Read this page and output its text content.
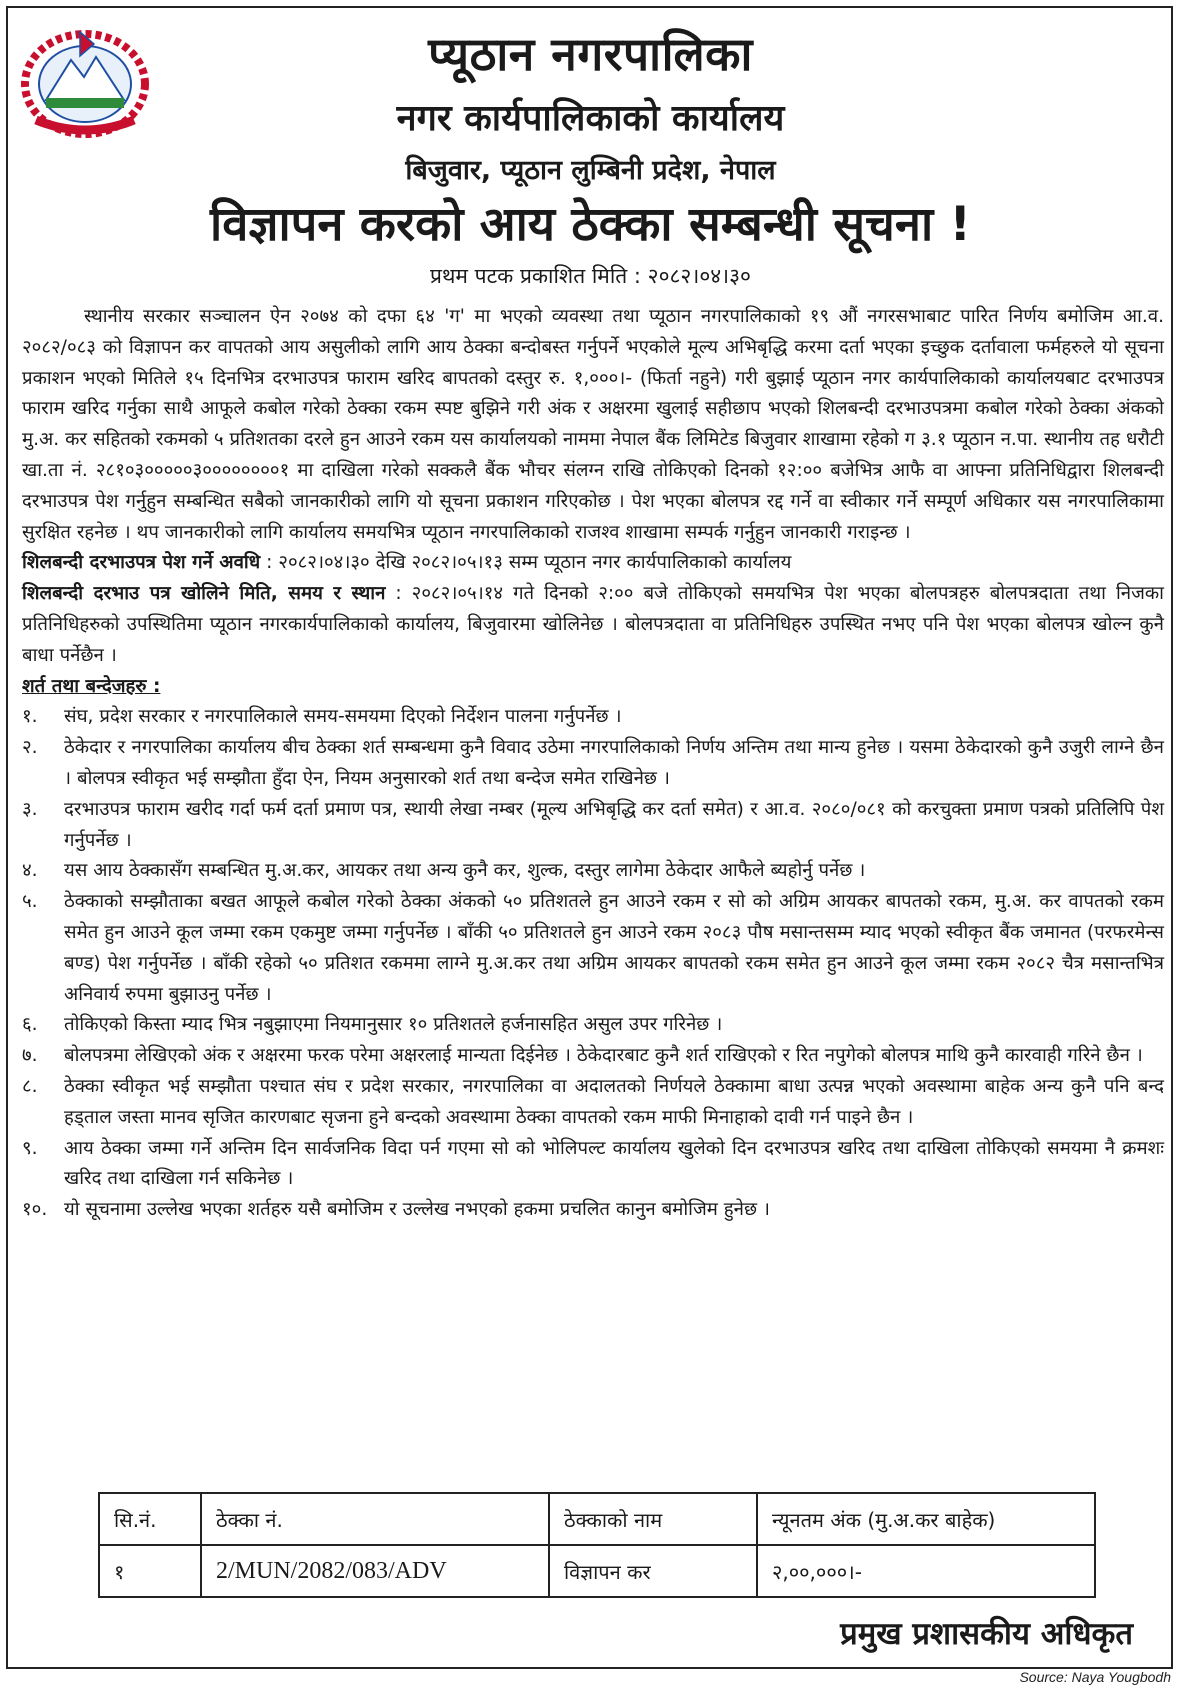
प्यूठान नगरपालिका
नगर कार्यपालिकाको कार्यालय
बिजुवार, प्यूठान लुम्बिनी प्रदेश, नेपाल
विज्ञापन करको आय ठेक्का सम्बन्धी सूचना !
प्रथम पटक प्रकाशित मिति : २०८२।०४।३०

स्थानीय सरकार सञ्चालन ऐन २०७४ को दफा ६४ 'ग' मा भएको व्यवस्था तथा प्यूठान नगरपालिकाको १९ औं नगरसभाबाट पारित निर्णय बमोजिम आ.व. २०८२/०८३ को विज्ञापन कर वापतको आय असुलीको लागि आय ठेक्का बन्दोबस्त गर्नुपर्ने भएकोले मूल्य अभिबृद्धि करमा दर्ता भएका इच्छुक दर्तावाला फर्महरुले यो सूचना प्रकाशन भएको मितिले १५ दिनभित्र दरभाउपत्र फाराम खरिद बापतको दस्तुर रु. १,०००।- (फिर्ता नहुने) गरी बुझाई प्यूठान नगर कार्यपालिकाको कार्यालयबाट दरभाउपत्र फाराम खरिद गर्नुका साथै आफूले कबोल गरेको ठेक्का रकम स्पष्ट बुझिने गरी अंक र अक्षरमा खुलाई सहीछाप भएको शिलबन्दी दरभाउपत्रमा कबोल गरेको ठेक्का अंकको मु.अ. कर सहितको रकमको ५ प्रतिशतका दरले हुन आउने रकम यस कार्यालयको नाममा नेपाल बैंक लिमिटेड बिजुवार शाखामा रहेको ग ३.१ प्यूठान न.पा. स्थानीय तह धरौटी खा.ता नं. २८१०३०००००३००००००००१ मा दाखिला गरेको सक्कलै बैंक भौचर संलग्न राखि तोकिएको दिनको १२:०० बजेभित्र आफै वा आफ्ना प्रतिनिधिद्वारा शिलबन्दी दरभाउपत्र पेश गर्नुहुन सम्बन्धित सबैको जानकारीको लागि यो सूचना प्रकाशन गरिएकोछ । पेश भएका बोलपत्र रद्द गर्ने वा स्वीकार गर्ने सम्पूर्ण अधिकार यस नगरपालिकामा सुरक्षित रहनेछ । थप जानकारीको लागि कार्यालय समयभित्र प्यूठान नगरपालिकाको राजश्व शाखामा सम्पर्क गर्नुहुन जानकारी गराइन्छ ।

शिलबन्दी दरभाउपत्र पेश गर्ने अवधि : २०८२।०४।३० देखि २०८२।०५।१३ सम्म प्यूठान नगर कार्यपालिकाको कार्यालय

शिलबन्दी दरभाउ पत्र खोलिने मिति, समय र स्थान : २०८२।०५।१४ गते दिनको २:०० बजे तोकिएको समयभित्र पेश भएका बोलपत्रहरु बोलपत्रदाता तथा निजका प्रतिनिधिहरुको उपस्थितिमा प्यूठान नगरकार्यपालिकाको कार्यालय, बिजुवारमा खोलिनेछ । बोलपत्रदाता वा प्रतिनिधिहरु उपस्थित नभए पनि पेश भएका बोलपत्र खोल्न कुनै बाधा पर्नेछैन ।

शर्त तथा बन्देजहरु :

१. संघ, प्रदेश सरकार र नगरपालिकाले समय-समयमा दिएको निर्देशन पालना गर्नुपर्नेछ ।
२. ठेकेदार र नगरपालिका कार्यालय बीच ठेक्का शर्त सम्बन्धमा कुनै विवाद उठेमा नगरपालिकाको निर्णय अन्तिम तथा मान्य हुनेछ । यसमा ठेकेदारको कुनै उजुरी लाग्ने छैन । बोलपत्र स्वीकृत भई सम्झौता हुँदा ऐन, नियम अनुसारको शर्त तथा बन्देज समेत राखिनेछ ।
३. दरभाउपत्र फाराम खरीद गर्दा फर्म दर्ता प्रमाण पत्र, स्थायी लेखा नम्बर (मूल्य अभिबृद्धि कर दर्ता समेत) र आ.व. २०८०/०८१ को करचुक्ता प्रमाण पत्रको प्रतिलिपि पेश गर्नुपर्नेछ ।
४. यस आय ठेक्कासँग सम्बन्धित मु.अ.कर, आयकर तथा अन्य कुनै कर, शुल्क, दस्तुर लागेमा ठेकेदार आफैले ब्यहोर्नु पर्नेछ ।
५. ठेक्काको सम्झौताका बखत आफूले कबोल गरेको ठेक्का अंकको ५० प्रतिशतले हुन आउने रकम र सो को अग्रिम आयकर बापतको रकम, मु.अ. कर वापतको रकम समेत हुन आउने कूल जम्मा रकम एकमुष्ट जम्मा गर्नुपर्नेछ । बाँकी ५० प्रतिशतले हुन आउने रकम २०८३ पौष मसान्तसम्म म्याद भएको स्वीकृत बैंक जमानत (परफरमेन्स बण्ड) पेश गर्नुपर्नेछ । बाँकी रहेको ५० प्रतिशत रकममा लाग्ने मु.अ.कर तथा अग्रिम आयकर बापतको रकम समेत हुन आउने कूल जम्मा रकम २०८२ चैत्र मसान्तभित्र अनिवार्य रुपमा बुझाउनु पर्नेछ ।
६. तोकिएको किस्ता म्याद भित्र नबुझाएमा नियमानुसार १० प्रतिशतले हर्जनासहित असुल उपर गरिनेछ ।
७. बोलपत्रमा लेखिएको अंक र अक्षरमा फरक परेमा अक्षरलाई मान्यता दिईनेछ । ठेकेदारबाट कुनै शर्त राखिएको र रित नपुगेको बोलपत्र माथि कुनै कारवाही गरिने छैन ।
८. ठेक्का स्वीकृत भई सम्झौता पश्चात संघ र प्रदेश सरकार, नगरपालिका वा अदालतको निर्णयले ठेक्कामा बाधा उत्पन्न भएको अवस्थामा बाहेक अन्य कुनै पनि बन्द हड्ताल जस्ता मानव सृजित कारणबाट सृजना हुने बन्दको अवस्थामा ठेक्का वापतको रकम माफी मिनाहाको दावी गर्न पाइने छैन ।
९. आय ठेक्का जम्मा गर्ने अन्तिम दिन सार्वजनिक विदा पर्न गएमा सो को भोलिपल्ट कार्यालय खुलेको दिन दरभाउपत्र खरिद तथा दाखिला तोकिएको समयमा नै क्रमशः खरिद तथा दाखिला गर्न सकिनेछ ।
१०. यो सूचनामा उल्लेख भएका शर्तहरु यसै बमोजिम र उल्लेख नभएको हकमा प्रचलित कानुन बमोजिम हुनेछ ।
सि.नं.	ठेक्का नं.	ठेक्काको नाम	न्यूनतम अंक (मु.अ.कर बाहेक)
१	2/MUN/2082/083/ADV	विज्ञापन कर	२,००,०००।-
प्रमुख प्रशासकीय अधिकृत
Source: Naya Yougbodh
